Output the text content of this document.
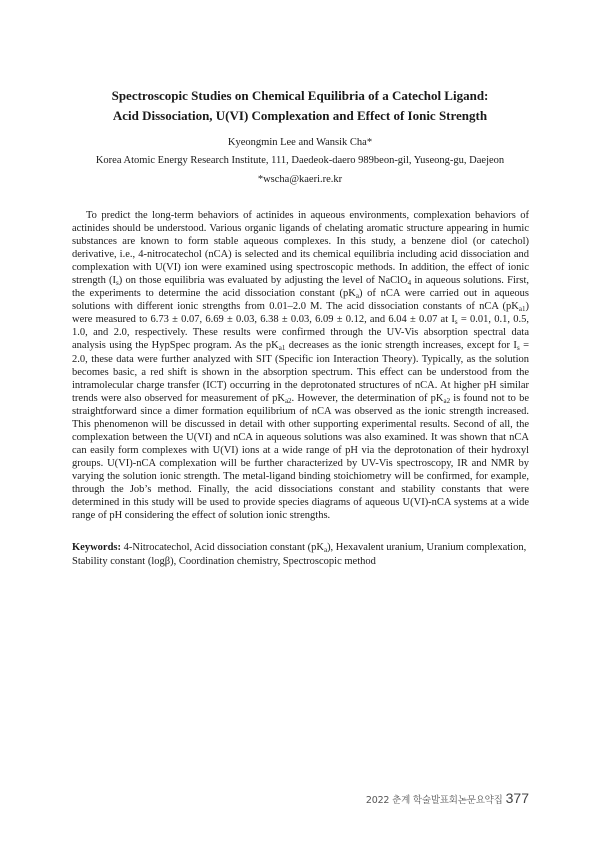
Spectroscopic Studies on Chemical Equilibria of a Catechol Ligand:
Acid Dissociation, U(VI) Complexation and Effect of Ionic Strength
Kyeongmin Lee and Wansik Cha*
Korea Atomic Energy Research Institute, 111, Daedeok-daero 989beon-gil, Yuseong-gu, Daejeon
*wscha@kaeri.re.kr

To predict the long-term behaviors of actinides in aqueous environments, complexation behaviors of actinides should be understood. Various organic ligands of chelating aromatic structure appearing in humic substances are known to form stable aqueous complexes. In this study, a benzene diol (or catechol) derivative, i.e., 4-nitrocatechol (nCA) is selected and its chemical equilibria including acid dissociation and complexation with U(VI) ion were examined using spectroscopic methods. In addition, the effect of ionic strength $(I_s)$ on those equilibria was evaluated by adjusting the level of NaClO$_4$ in aqueous solutions. First, the experiments to determine the acid dissociation constant $(pK_a)$ of nCA were carried out in aqueous solutions with different ionic strengths from 0.01–2.0 M. The acid dissociation constants of nCA $(pK_{a1})$ were measured to 6.73 ± 0.07, 6.69 ± 0.03, 6.38 ± 0.03, 6.09 ± 0.12, and 6.04 ± 0.07 at $I_s = 0.01$, 0.1, 0.5, 1.0, and 2.0, respectively. These results were confirmed through the UV-Vis absorption spectral data analysis using the HypSpec program. As the $pK_{a1}$ decreases as the ionic strength increases, except for $I_s = 2.0$, these data were further analyzed with SIT (Specific ion Interaction Theory). Typically, as the solution becomes basic, a red shift is shown in the absorption spectrum. This effect can be understood from the intramolecular charge transfer (ICT) occurring in the deprotonated structures of nCA. At higher pH similar trends were also observed for measurement of $pK_{a2}$. However, the determination of $pK_{a2}$ is found not to be straightforward since a dimer formation equilibrium of nCA was observed as the ionic strength increased. This phenomenon will be discussed in detail with other supporting experimental results. Second of all, the complexation between the U(VI) and nCA in aqueous solutions was also examined. It was shown that nCA can easily form complexes with U(VI) ions at a wide range of pH via the deprotonation of their hydroxyl groups. U(VI)-nCA complexation will be further characterized by UV-Vis spectroscopy, IR and NMR by varying the solution ionic strength. The metal-ligand binding stoichiometry will be confirmed, for example, through the Job’s method. Finally, the acid dissociations constant and stability constants that were determined in this study will be used to provide species diagrams of aqueous U(VI)-nCA systems at a wide range of pH considering the effect of solution ionic strengths.

Keywords: 4-Nitrocatechol, Acid dissociation constant $(pK_a)$, Hexavalent uranium, Uranium complexation, Stability constant (logβ), Coordination chemistry, Spectroscopic method

2022 춘계 학술발표회논문요약집 377
